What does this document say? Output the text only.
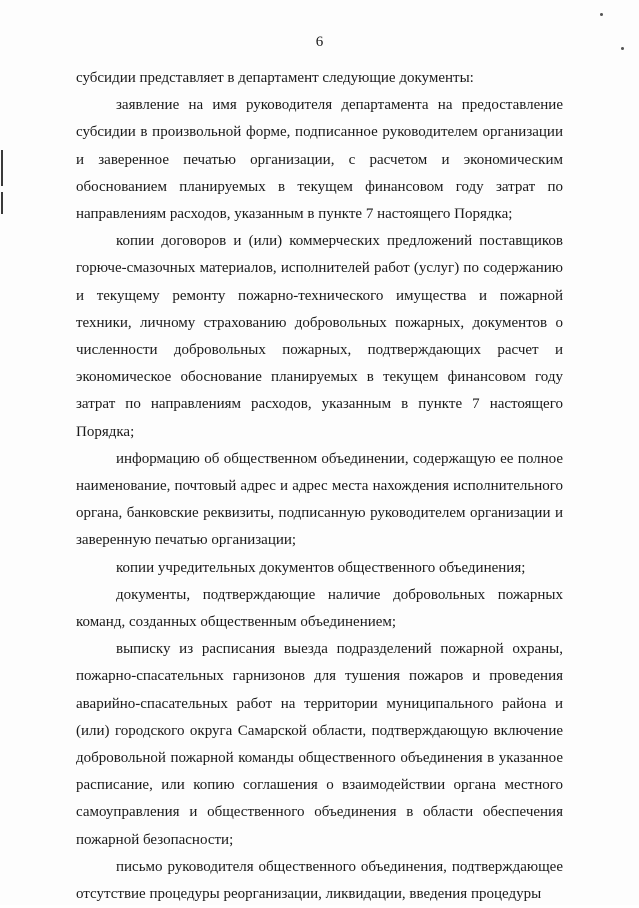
6

субсидии представляет в департамент следующие документы:

заявление на имя руководителя департамента на предоставление субсидии в произвольной форме, подписанное руководителем организации и заверенное печатью организации, с расчетом и экономическим обоснованием планируемых в текущем финансовом году затрат по направлениям расходов, указанным в пункте 7 настоящего Порядка;

копии договоров и (или) коммерческих предложений поставщиков горюче-смазочных материалов, исполнителей работ (услуг) по содержанию и текущему ремонту пожарно-технического имущества и пожарной техники, личному страхованию добровольных пожарных, документов о численности добровольных пожарных, подтверждающих расчет и экономическое обоснование планируемых в текущем финансовом году затрат по направлениям расходов, указанным в пункте 7 настоящего Порядка;

информацию об общественном объединении, содержащую ее полное наименование, почтовый адрес и адрес места нахождения исполнительного органа, банковские реквизиты, подписанную руководителем организации и заверенную печатью организации;

копии учредительных документов общественного объединения;

документы, подтверждающие наличие добровольных пожарных команд, созданных общественным объединением;

выписку из расписания выезда подразделений пожарной охраны, пожарно-спасательных гарнизонов для тушения пожаров и проведения аварийно-спасательных работ на территории муниципального района и (или) городского округа Самарской области, подтверждающую включение добровольной пожарной команды общественного объединения в указанное расписание, или копию соглашения о взаимодействии органа местного самоуправления и общественного объединения в области обеспечения пожарной безопасности;

письмо руководителя общественного объединения, подтверждающее отсутствие процедуры реорганизации, ликвидации, введения процедуры
